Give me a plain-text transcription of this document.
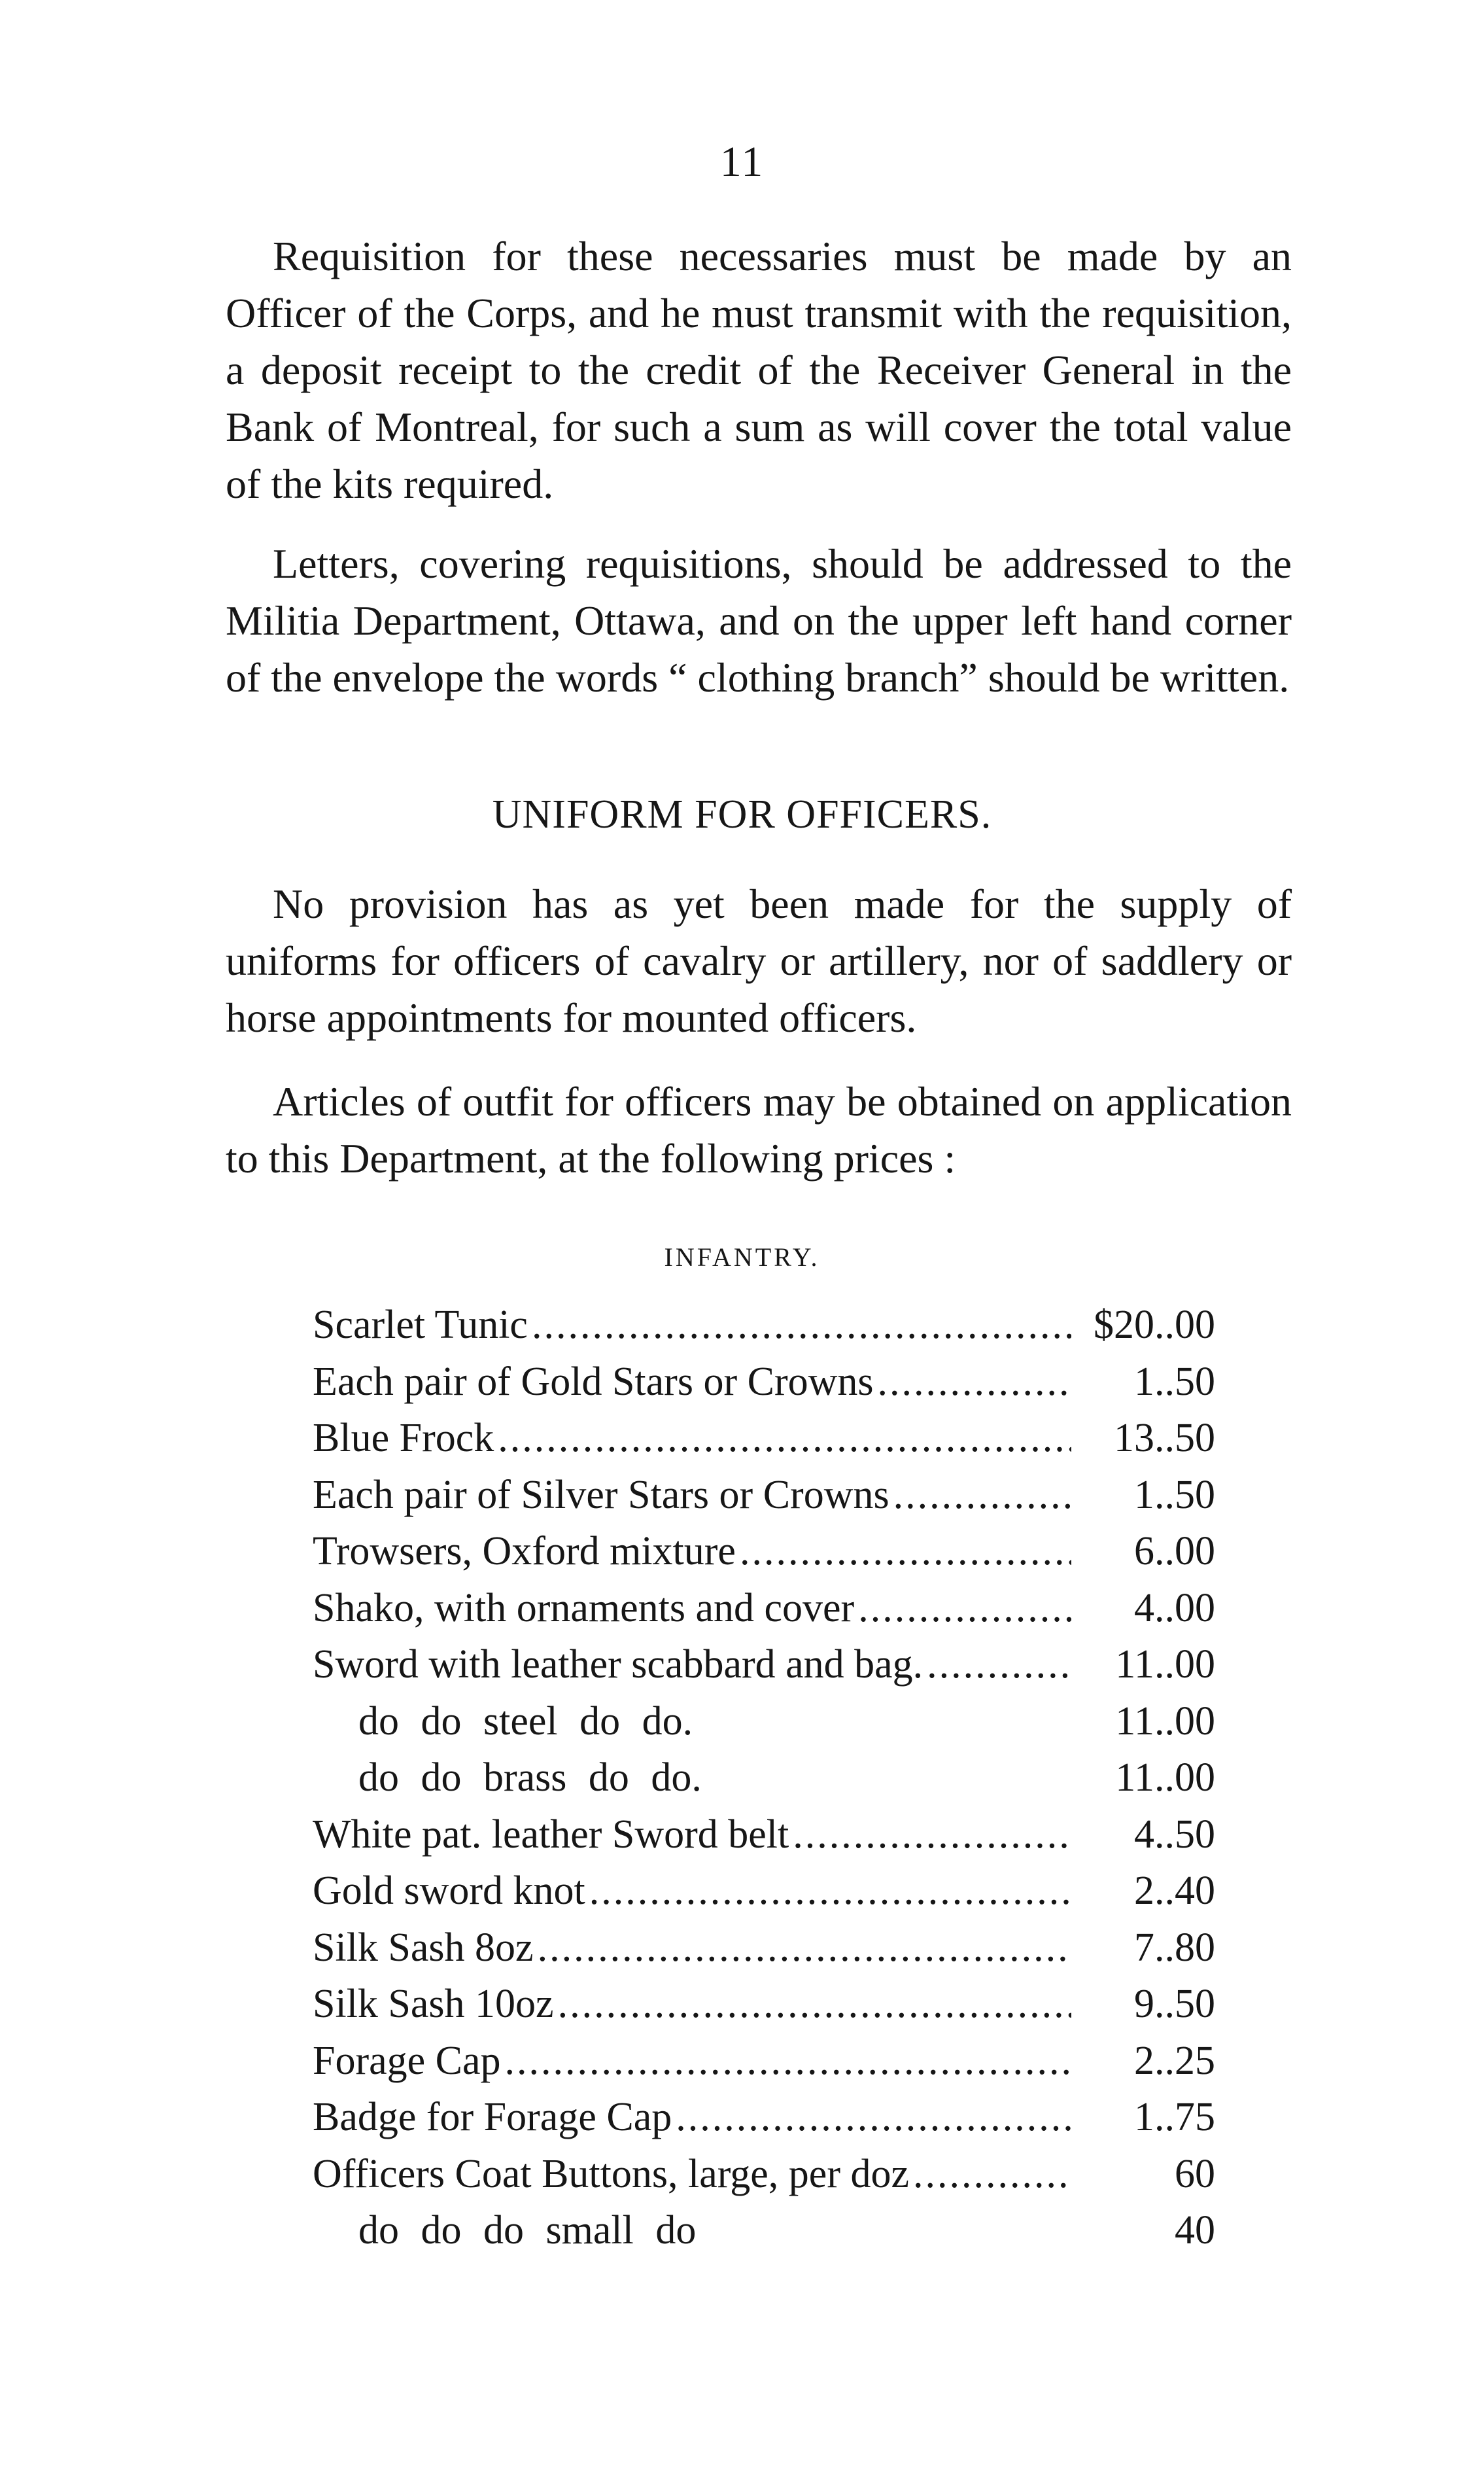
11

Requisition for these necessaries must be made by an Officer of the Corps, and he must transmit with the requisition, a deposit receipt to the credit of the Receiver General in the Bank of Montreal, for such a sum as will cover the total value of the kits required.

Letters, covering requisitions, should be addressed to the Militia Department, Ottawa, and on the upper left hand corner of the envelope the words “ clothing branch” should be written.

UNIFORM FOR OFFICERS.

No provision has as yet been made for the supply of uniforms for officers of cavalry or artillery, nor of saddlery or horse appointments for mounted officers.

Articles of outfit for officers may be obtained on application to this Department, at the following prices :

INFANTRY.
Scarlet Tunic .....	$20..00
Each pair of Gold Stars or Crowns .....	1..50
Blue Frock .....	13..50
Each pair of Silver Stars or Crowns .....	1..50
Trowsers, Oxford mixture .....	6..00
Shako, with ornaments and cover .....	4..00
Sword with leather scabbard and bag. .....	11..00
do do steel do do.	11..00
do do brass do do.	11..00
White pat. leather Sword belt .....	4..50
Gold sword knot .....	2..40
Silk Sash 8oz .....	7..80
Silk Sash 10oz .....	9..50
Forage Cap .....	2..25
Badge for Forage Cap .....	1..75
Officers Coat Buttons, large, per doz .....	60
do do do small do	40
